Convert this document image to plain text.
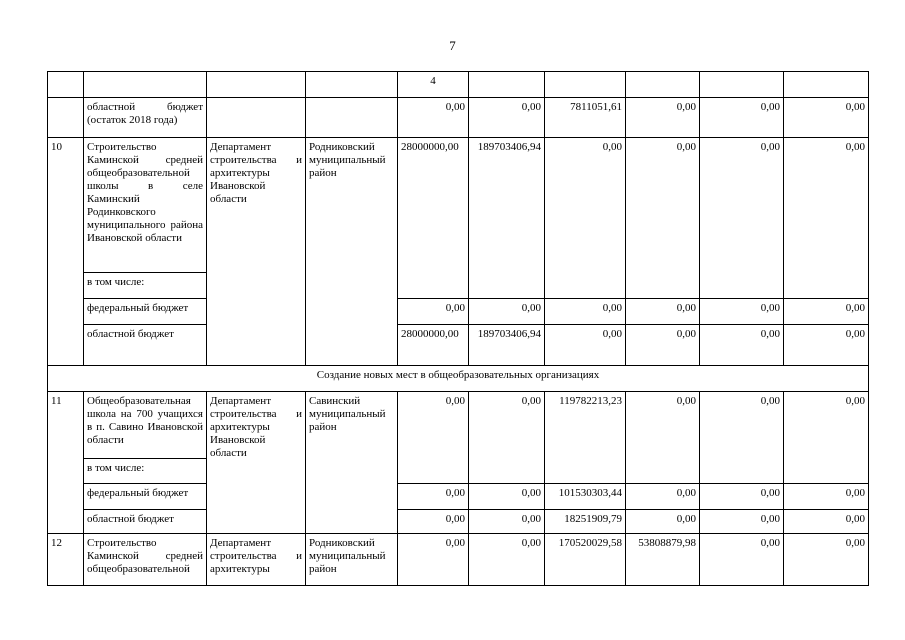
7
				4					
	областной бюджет (остаток 2018 года)			0,00	0,00	7811051,61	0,00	0,00	0,00
10	Строительство Каминской средней общеобразовательной школы в селе Каминский Родинковского муниципального района Ивановской области	Департамент строительства и архитектуры Ивановской области	Родниковский муниципальный район	28000000,00	189703406,94	0,00	0,00	0,00	0,00
	в том числе:								
	федеральный бюджет			0,00	0,00	0,00	0,00	0,00	0,00
	областной бюджет			28000000,00	189703406,94	0,00	0,00	0,00	0,00
Создание новых мест в общеобразовательных организациях									
11	Общеобразовательная школа на 700 учащихся в п. Савино Ивановской области	Департамент строительства и архитектуры Ивановской области	Савинский муниципальный район	0,00	0,00	119782213,23	0,00	0,00	0,00
	в том числе:								
	федеральный бюджет			0,00	0,00	101530303,44	0,00	0,00	0,00
	областной бюджет			0,00	0,00	18251909,79	0,00	0,00	0,00
12	Строительство Каминской средней общеобразовательной	Департамент строительства и архитектуры	Родниковский муниципальный район	0,00	0,00	170520029,58	53808879,98	0,00	0,00
